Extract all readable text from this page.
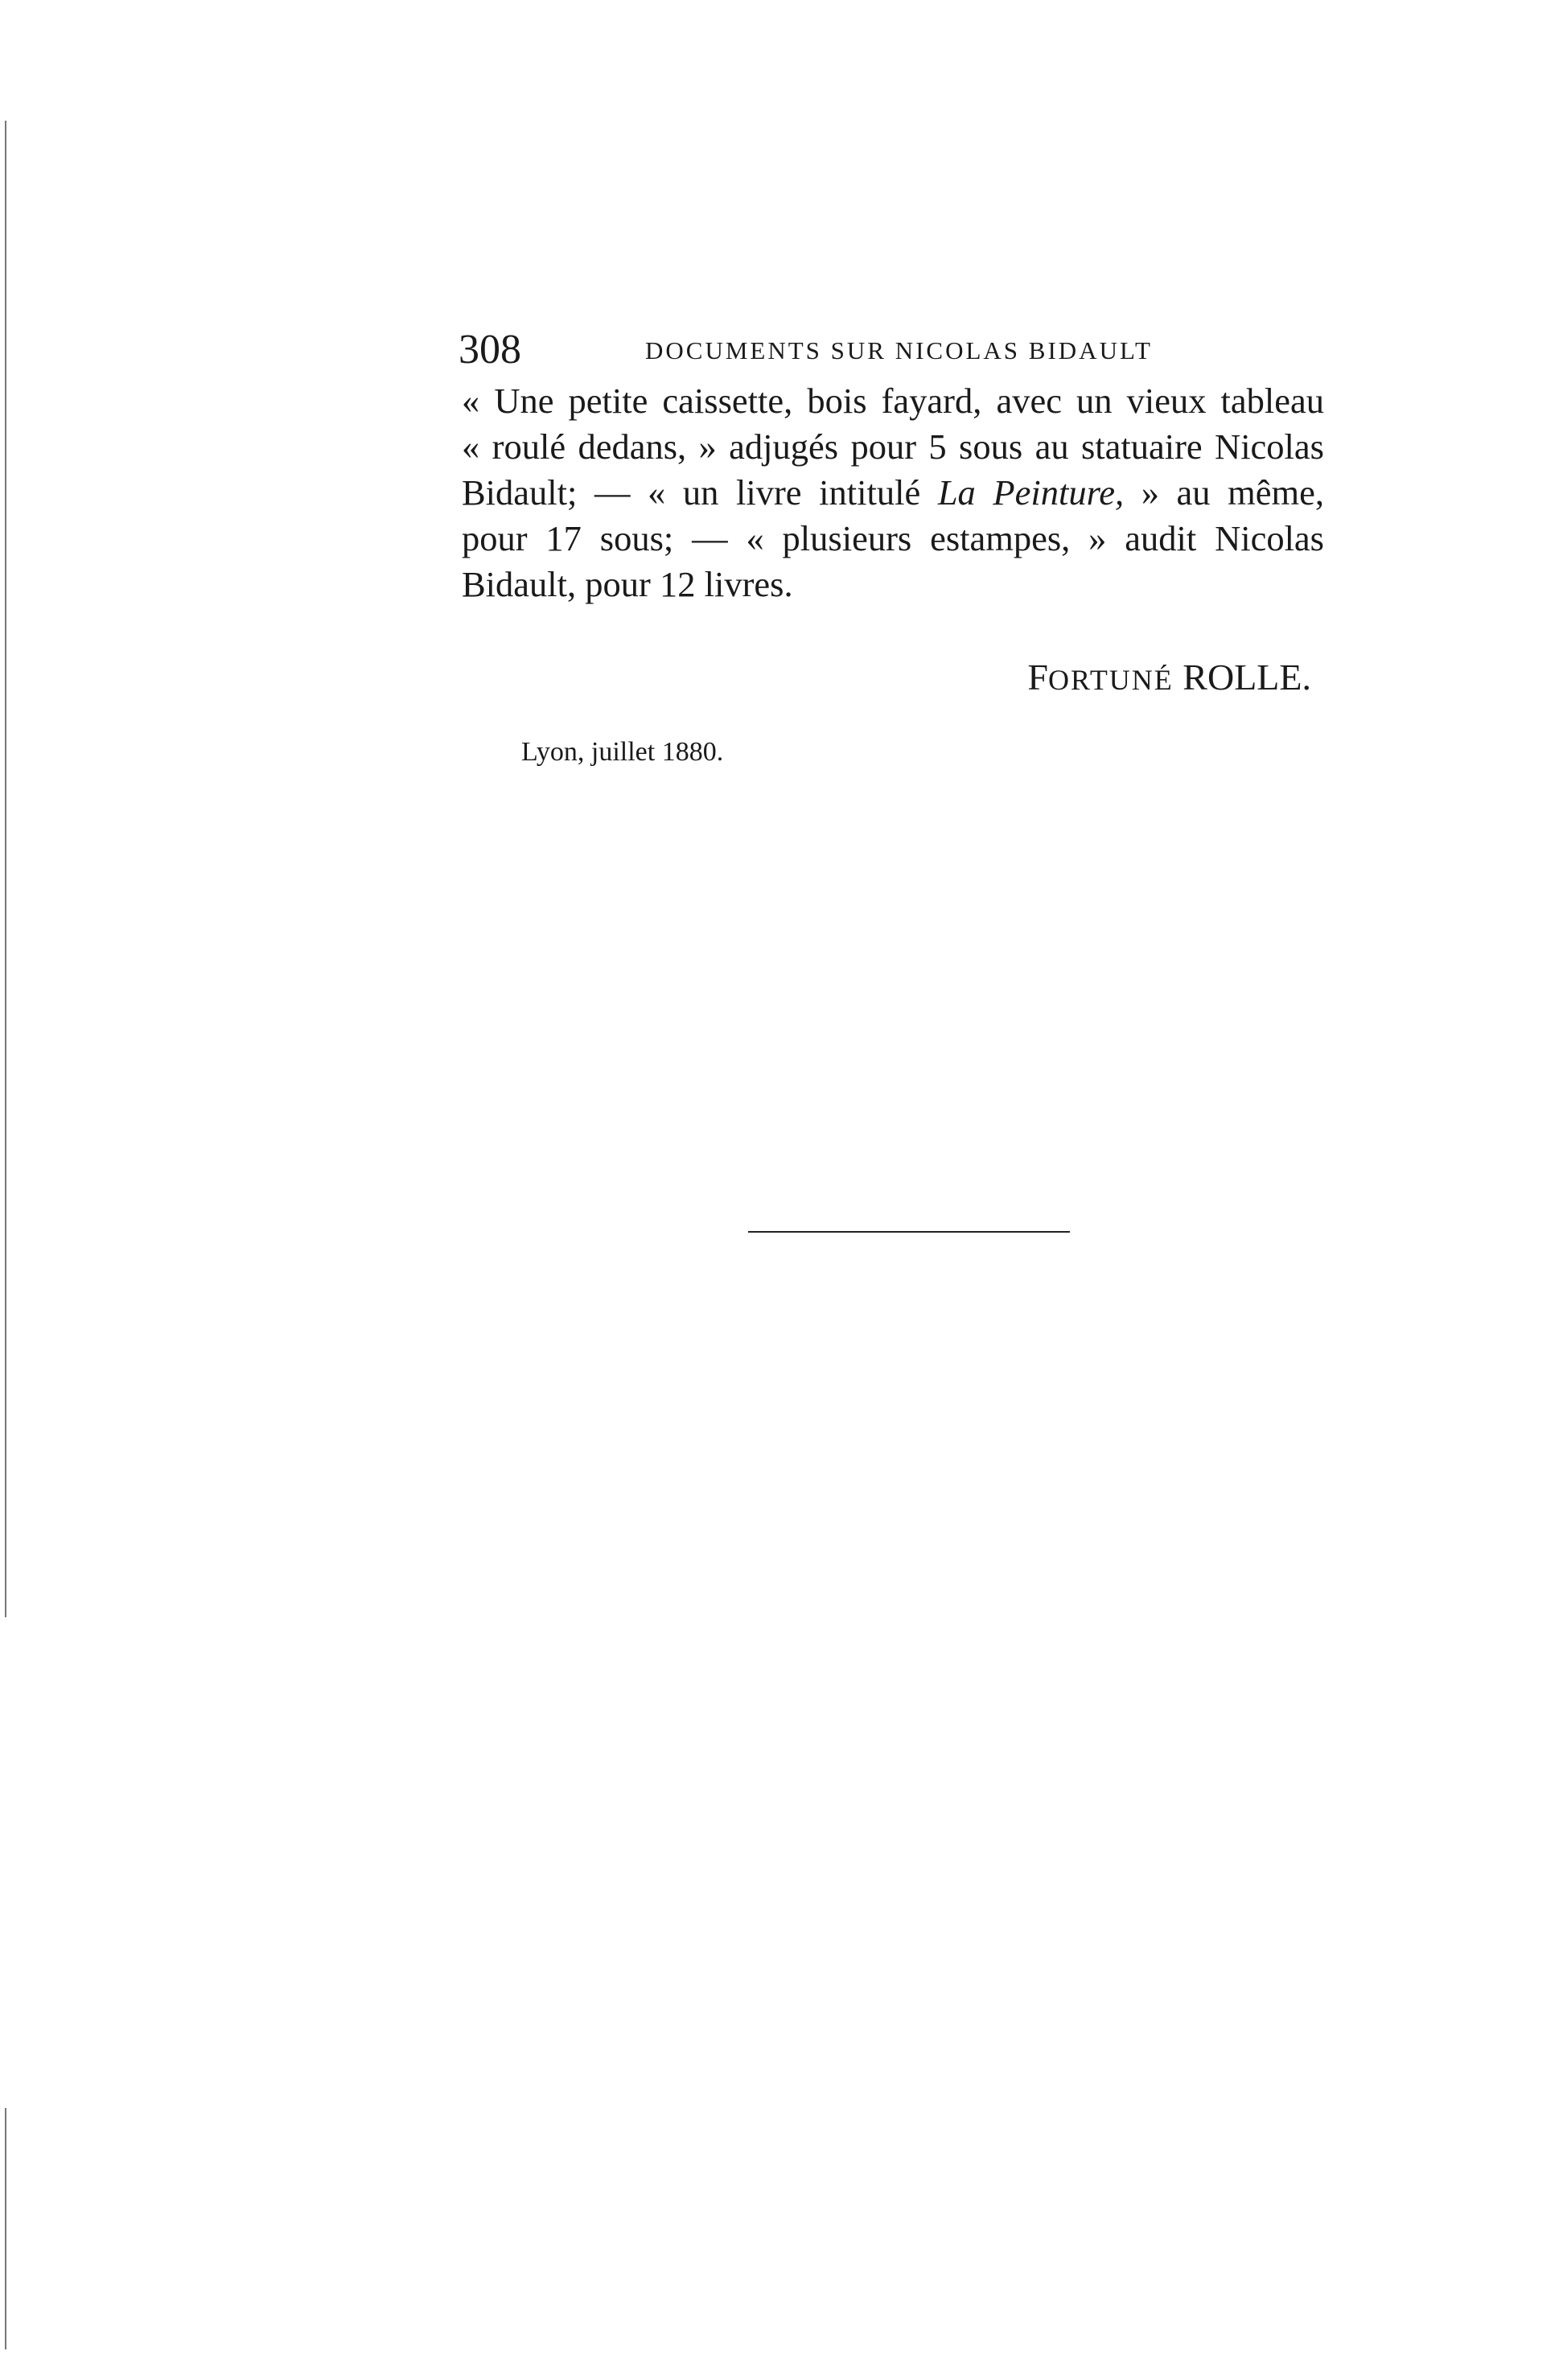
308	DOCUMENTS SUR NICOLAS BIDAULT
« Une petite caissette, bois fayard, avec un vieux tableau
« roulé dedans, » adjugés pour 5 sous au statuaire Nicolas
Bidault; — « un livre intitulé La Peinture, » au même,
pour 17 sous; — « plusieurs estampes, » audit Nicolas
Bidault, pour 12 livres.
FORTUNÉ ROLLE.
Lyon, juillet 1880.
